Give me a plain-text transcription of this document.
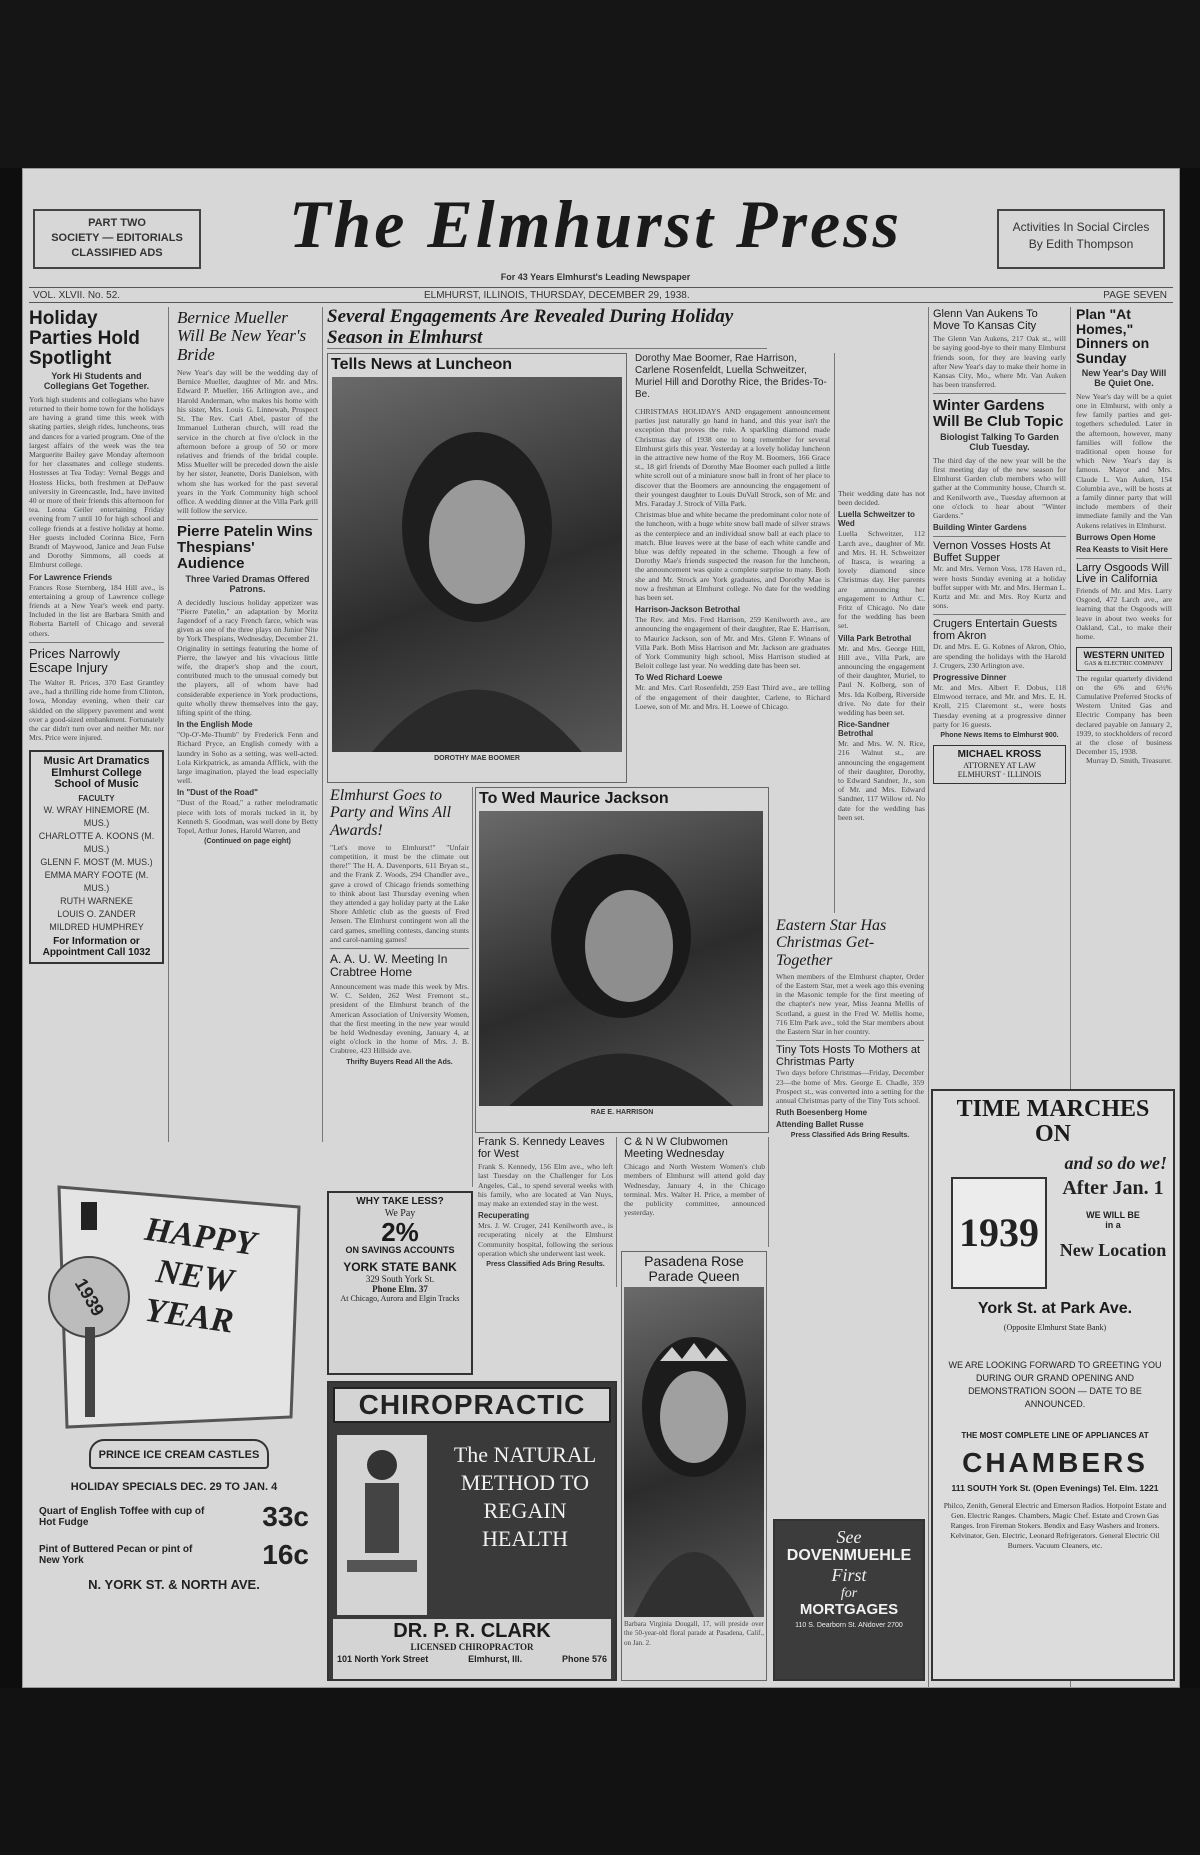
PART TWO
SOCIETY — EDITORIALS
CLASSIFIED ADS	The Elmhurst Press
For 43 Years Elmhurst's Leading Newspaper
Activities In Social Circles
By Edith Thompson
VOL. XLVII. No. 52.	ELMHURST, ILLINOIS, THURSDAY, DECEMBER 29, 1938.	PAGE SEVEN
Holiday Parties Hold Spotlight
York Hi Students and Collegians Get Together.
York high students and collegians who have returned to their home town for the holidays are having a grand time this week with skating parties, sleigh rides, luncheons, teas and dances for a varied program. One of the largest affairs of the week was the tea Marguerite Bailey gave Monday afternoon for her classmates and college students. Hostesses at Tea Today: Vernal Beggs and Hostess Hicks, both freshmen at DePauw university in Greencastle, Ind., have invited 40 or more of their friends this afternoon for tea. Leona Geiler entertaining Friday evening from 7 until 10 for high school and college friends at a festive holiday at home. Her guests included Corinna Bice, Fern Brandt of Maywood, Janice and Jean Fulse and Dorothy Simmons, all coeds at Elmhurst college.
For Lawrence Friends
Frances Rose Sternberg, 184 Hill ave., is entertaining a group of Lawrence college friends at a New Year's week end party. Included in the list are Barbara Smith and Roberta Bartell of Chicago and several others.
Prices Narrowly Escape Injury
The Walter R. Prices, 370 East Grantley ave., had a thrilling ride home from Clinton, Iowa, Monday evening, when their car skidded on the slippery pavement and went over a good-sized embankment. Fortunately the car didn't turn over and neither Mr. nor Mrs. Price were injured.
Music Art Dramatics Elmhurst College School of Music
FACULTY
W. WRAY HINEMORE (M. MUS.)
CHARLOTTE A. KOONS (M. MUS.)
GLENN F. MOST (M. MUS.)
EMMA MARY FOOTE (M. MUS.)
RUTH WARNEKE
LOUIS O. ZANDER
MILDRED HUMPHREY
For Information or Appointment Call 1032
Bernice Mueller Will Be New Year's Bride
New Year's day will be the wedding day of Bernice Mueller, daughter of Mr. and Mrs. Edward P. Mueller, 166 Arlington ave., and Harold Anderman, who makes his home with his sister, Mrs. Louis G. Linnewah, Prospect St. The Rev. Carl Abel, pastor of the Immanuel Lutheran church, will read the service in the church at five o'clock in the afternoon before a group of 50 or more relatives and friends of the bridal couple. Miss Mueller will be preceded down the aisle by her sister, Jeanette, Doris Danielson, with whom she has worked for the past several years in the York Community high school office. A wedding dinner at the Villa Park grill will follow the service.
Pierre Patelin Wins Thespians' Audience
Three Varied Dramas Offered Patrons.
A decidedly luscious holiday appetizer was "Pierre Patelin," an adaptation by Moritz Jagendorf of a racy French farce, which was given as one of the three plays on Junior Nite by York Thespians, Wednesday, December 21. Originality in settings featuring the home of Pierre, the lawyer and his vivacious little wife, the draper's shop and the court, contributed much to the unusual comedy but the players, all of whom have had considerable experience in York productions, quite wholly threw themselves into the gay, lifting spirit of the thing.
In the English Mode
"Op-O'-Me-Thumb" by Frederick Fenn and Richard Pryce, an English comedy with a laundry in Soho as a setting, was well-acted. Lola Kirkpatrick, as amanda Afflick, with the large imagination, played the lead especially well.
In "Dust of the Road"
"Dust of the Road," a rather melodramatic piece with lots of morals tucked in it, by Kenneth S. Goodman, was well done by Betty Topel, Arthur Jones, Harold Warren, and
(Continued on page eight)
Several Engagements Are Revealed During Holiday Season in Elmhurst
Tells News at Luncheon
DOROTHY MAE BOOMER
Dorothy Mae Boomer, Rae Harrison, Carlene Rosenfeldt, Luella Schweitzer, Muriel Hill and Dorothy Rice, the Brides-To-Be.
CHRISTMAS HOLIDAYS AND engagement announcement parties just naturally go hand in hand, and this year isn't the exception that proves the rule. A sparkling diamond made Christmas day of 1938 one to long remember for several Elmhurst girls this year. Yesterday at a lovely holiday luncheon in the attractive new home of the Roy M. Boomers, 166 Grace st., 18 girl friends of Dorothy Mae Boomer each pulled a little white scroll out of a miniature snow ball in front of her place to discover that the Boomers are announcing the engagement of their youngest daughter to Louis DuVall Strock, son of Mr. and Mrs. Faraday J. Strock of Villa Park.
Christmas blue and white became the predominant color note of the luncheon, with a huge white snow ball made of silver straws as the centerpiece and an individual snow ball at each place to match. Blue leaves were at the base of each white candle and blue was deftly repeated in the scheme. Though a few of Dorothy Mae's friends suspected the reason for the luncheon, the announcement was quite a complete surprise to many. Both she and Mr. Strock are York graduates, and Dorothy Mae is now a freshman at Elmhurst college. No date for the wedding has been set.
Harrison-Jackson Betrothal
The Rev. and Mrs. Fred Harrison, 259 Kenilworth ave., are announcing the engagement of their daughter, Rae E. Harrison, to Maurice Jackson, son of Mr. and Mrs. Glenn F. Winans of Villa Park. Both Miss Harrison and Mr. Jackson are graduates of York Community high school, Miss Harrison studied at Beloit college last year. No wedding date has been set.
To Wed Richard Loewe
Mr. and Mrs. Carl Rosenfeldt, 259 East Third ave., are telling of the engagement of their daughter, Carlene, to Richard Loewe, son of Mr. and Mrs. H. Loewe of Chicago.
Their wedding date has not been decided.
Luella Schweitzer to Wed
Luella Schweitzer, 112 Larch ave., daughter of Mr. and Mrs. H. H. Schweitzer of Itasca, is wearing a lovely diamond since Christmas day. Her parents are announcing her engagement to Arthur C. Fritz of Chicago. No date for the wedding has been set.
Villa Park Betrothal
Mr. and Mrs. George Hill, Hill ave., Villa Park, are announcing the engagement of their daughter, Muriel, to Paul N. Kolberg, son of Mrs. Ida Kolberg, Riverside drive. No date for their wedding has been set.
Rice-Sandner Betrothal
Mr. and Mrs. W. N. Rice, 216 Walnut st., are announcing the engagement of their daughter, Dorothy, to Edward Sandner, Jr., son of Mr. and Mrs. Edward Sandner, 117 Willow rd. No date for the wedding has been set.
Elmhurst Goes to Party and Wins All Awards!
"Let's move to Elmhurst!" "Unfair competition, it must be the climate out there!" The H. A. Davenports, 611 Bryan st., and the Frank Z. Woods, 294 Chandler ave., gave a crowd of Chicago friends something to think about last Thursday evening when they attended a gay holiday party at the Lake Shore Athletic club as the guests of Fred Jensen. The Elmhurst contingent won all the card games, smelling contests, dancing stunts and carol-naming games!
A. A. U. W. Meeting In Crabtree Home
Announcement was made this week by Mrs. W. C. Selden, 262 West Fremont st., president of the Elmhurst branch of the American Association of University Women, that the first meeting in the new year would be held Wednesday evening, January 4, at eight o'clock in the home of Mrs. J. B. Crabtree, 423 Hillside ave.
Thrifty Buyers Read All the Ads.
To Wed Maurice Jackson
RAE E. HARRISON
Frank S. Kennedy Leaves for West
Frank S. Kennedy, 156 Elm ave., who left last Tuesday on the Challenger for Los Angeles, Cal., to spend several weeks with his family, who are located at Van Nuys, may make an extended stay in the west.
Recuperating
Mrs. J. W. Cruger, 241 Kenilworth ave., is recuperating nicely at the Elmhurst Community hospital, following the serious operation which she underwent last week.
Press Classified Ads Bring Results.
C & N W Clubwomen Meeting Wednesday
Chicago and North Western Women's club members of Elmhurst will attend gold day Wednesday, January 4, in the Chicago terminal. Mrs. Walter H. Price, a member of the publicity committee, announced yesterday.
Pasadena Rose Parade Queen
Barbara Virginia Dougall, 17, will preside over the 50-year-old floral parade at Pasadena, Calif., on Jan. 2.
WHY TAKE LESS?
We Pay
2%
ON SAVINGS ACCOUNTS
YORK STATE BANK
329 South York St.
Phone Elm. 37
At Chicago, Aurora and Elgin Tracks
CHIROPRACTIC
The NATURAL
METHOD TO
REGAIN
HEALTH
DR. P. R. CLARK
LICENSED CHIROPRACTOR
101 North York Street	Elmhurst, Ill.	Phone 576
HAPPY
NEW
YEAR
1939
PRINCE ICE CREAM CASTLES
HOLIDAY SPECIALS DEC. 29 TO JAN. 4
Quart of English Toffee with cup of Hot Fudge	33c
Pint of Buttered Pecan or pint of New York	16c
N. YORK ST. & NORTH AVE.
Glenn Van Aukens To Move To Kansas City
The Glenn Van Aukens, 217 Oak st., will be saying good-bye to their many Elmhurst friends soon, for they are leaving early after New Year's day to make their home in Kansas City, Mo., where Mr. Van Auken has been transferred.
Winter Gardens Will Be Club Topic
Biologist Talking To Garden Club Tuesday.
The third day of the new year will be the first meeting day of the new season for Elmhurst Garden club members who will gather at the Community house, Church st. and Kenilworth ave., Tuesday afternoon at one o'clock to hear about "Winter Gardens."
Building Winter Gardens
Vernon Vosses Hosts At Buffet Supper
Mr. and Mrs. Vernon Voss, 178 Haven rd., were hosts Sunday evening at a holiday buffet supper with Mr. and Mrs. Herman L. Kurtz and Mr. and Mrs. Roy Kurtz and sons.
Crugers Entertain Guests from Akron
Dr. and Mrs. E. G. Kobnes of Akron, Ohio, are spending the holidays with the Harold J. Crugers, 230 Arlington ave.
Progressive Dinner
Mr. and Mrs. Albert F. Dobus, 118 Elmwood terrace, and Mr. and Mrs. E. H. Kroll, 215 Claremont st., were hosts Tuesday evening at a progressive dinner party for 16 guests.
Phone News Items to Elmhurst 900.
MICHAEL KROSS
ATTORNEY AT LAW
ELMHURST · ILLINOIS
Plan "At Homes," Dinners on Sunday
New Year's Day Will Be Quiet One.
New Year's day will be a quiet one in Elmhurst, with only a few family parties and get-togethers scheduled. Later in the afternoon, however, many families will follow the traditional open house for which New Year's day is famous. Mayor and Mrs. Claude L. Van Auken, 154 Columbia ave., will be hosts at a family dinner party that will include members of their immediate family and the Van Aukens relatives in Elmhurst.
Burrows Open Home
Rea Keasts to Visit Here
Larry Osgoods Will Live in California
Friends of Mr. and Mrs. Larry Osgood, 472 Larch ave., are learning that the Osgoods will leave in about two weeks for Oakland, Cal., to make their home.
WESTERN UNITED
GAS & ELECTRIC COMPANY
The regular quarterly dividend on the 6% and 6½% Cumulative Preferred Stocks of Western United Gas and Electric Company has been declared payable on January 2, 1939, to stockholders of record at the close of business December 15, 1938.
Murray D. Smith, Treasurer.
Eastern Star Has Christmas Get-Together
When members of the Elmhurst chapter, Order of the Eastern Star, met a week ago this evening in the Masonic temple for the first meeting of the chapter's new year, Miss Jeanna Mellis of Scotland, a guest in the Fred W. Mellis home, 716 Elm Park ave., told the Star members about the Eastern Star in her country.
Tiny Tots Hosts To Mothers at Christmas Party
Two days before Christmas—Friday, December 23—the home of Mrs. George E. Chadle, 359 Prospect st., was converted into a setting for the annual Christmas party of the Tiny Tots school.
Ruth Boesenberg Home
Attending Ballet Russe
Press Classified Ads Bring Results.
See
DOVENMUEHLE
First
for
MORTGAGES
110 S. Dearborn St. ANdover 2700
TIME MARCHES ON
and so do we!
1939
After Jan. 1
WE WILL BE
in a
New Location
York St. at Park Ave.
(Opposite Elmhurst State Bank)
WE ARE LOOKING FORWARD TO GREETING YOU DURING OUR GRAND OPENING AND DEMONSTRATION SOON — DATE TO BE ANNOUNCED.
THE MOST COMPLETE LINE OF APPLIANCES AT
CHAMBERS
111 SOUTH York St. (Open Evenings) Tel. Elm. 1221
Philco, Zenith, General Electric and Emerson Radios. Hotpoint Estate and Gen. Electric Ranges. Chambers, Magic Chef. Estate and Crown Gas Ranges. Iron Fireman Stokers. Bendix and Easy Washers and Ironers. Kelvinator, Gen. Electric, Leonard Refrigerators. General Electric Oil Burners. Vacuum Cleaners, etc.
